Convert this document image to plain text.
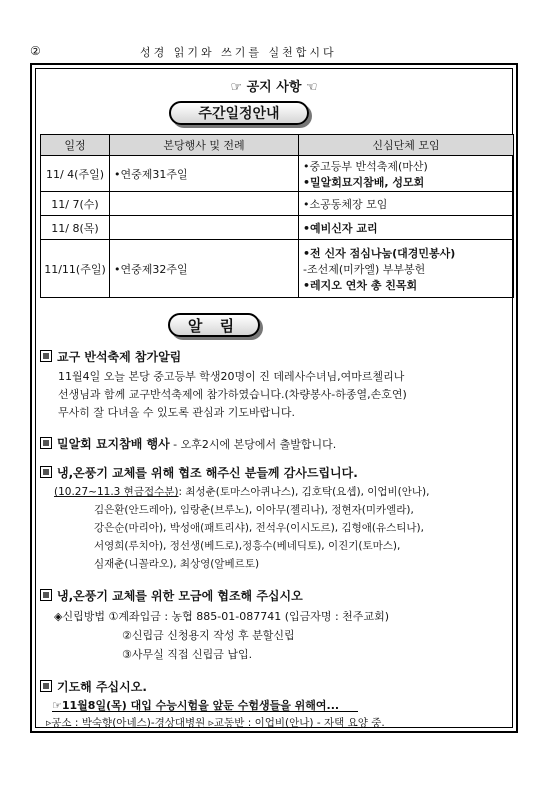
②	성경 읽기와 쓰기를 실천합시다
☞ 공지 사항 ☜
주간일정안내
일정	본당행사 및 전례	신심단체 모임
11/ 4(주일)	•연중제31주일	•중고등부 반석축제(마산)
•밀알회묘지참배, 성모회

11/ 7(수)		•소공동체장 모임

11/ 8(목)		•예비신자 교리

11/11(주일)	•연중제32주일	•전 신자 점심나눔(대경민봉사)
-조선제(미카엘) 부부봉헌
•레지오 연차 총 친목회
알 림
교구 반석축제 참가알림
11월4일 오늘 본당 중고등부 학생20명이 진 데레사수녀님,여마르첼리나
선생님과 함께 교구반석축제에 참가하였습니다.(차량봉사-하종열,손호연)
무사히 잘 다녀올 수 있도록 관심과 기도바랍니다.
밀알회 묘지참배 행사 - 오후2시에 본당에서 출발합니다.
냉,온풍기 교체를 위해 협조 해주신 분들께 감사드립니다.
(10.27~11.3 현금접수분): 최성춘(토마스아퀴나스), 김호탁(요셉), 이업비(안나),
김은환(안드레아), 임랑춘(브루노), 이아무(젤리나), 정현자(미카엘라),
강은순(마리아), 박성애(패트리샤), 전석우(이시도르), 김형애(유스티나),
서영희(루치아), 정선생(베드로),정흥수(베네딕토), 이진기(토마스),
심재춘(니꼴라오), 최상영(알베르토)
냉,온풍기 교체를 위한 모금에 협조해 주십시오
◈신립방법 ①계좌입금 : 농협 885-01-087741 (입금자명 : 천주교회)
②신립금 신청용지 작성 후 분할신립
③사무실 직접 신립금 납입.
기도해 주십시오.
☞11월8일(목) 대입 수능시험을 앞둔 수험생들을 위해여...
▹공소 : 박숙향(아네스)-경상대병원 ▹교동반 : 이업비(안나) - 자택 요양 중.
